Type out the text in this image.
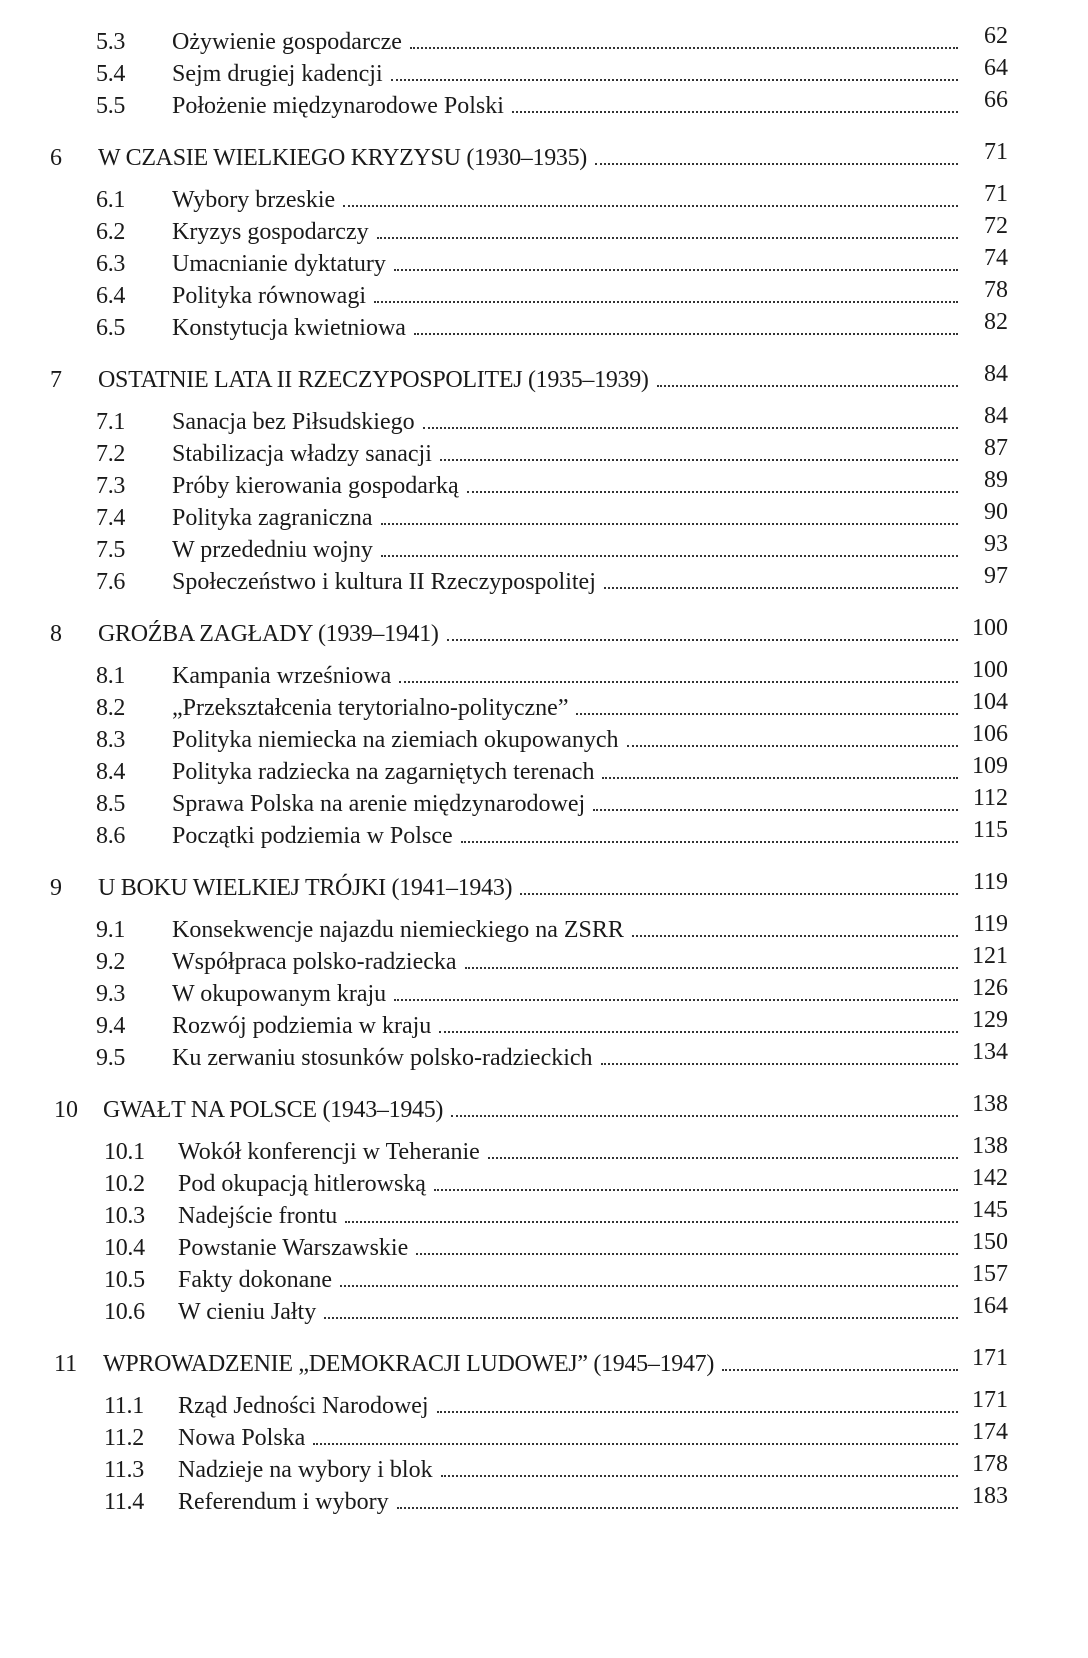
5.3 Ożywienie gospodarcze	62
5.4 Sejm drugiej kadencji	64
5.5 Położenie międzynarodowe Polski	66
6 W CZASIE WIELKIEGO KRYZYSU (1930–1935)	71
6.1 Wybory brzeskie	71
6.2 Kryzys gospodarczy	72
6.3 Umacnianie dyktatury	74
6.4 Polityka równowagi	78
6.5 Konstytucja kwietniowa	82
7 OSTATNIE LATA II RZECZYPOSPOLITEJ (1935–1939)	84
7.1 Sanacja bez Piłsudskiego	84
7.2 Stabilizacja władzy sanacji	87
7.3 Próby kierowania gospodarką	89
7.4 Polityka zagraniczna	90
7.5 W przededniu wojny	93
7.6 Społeczeństwo i kultura II Rzeczypospolitej	97
8 GROŹBA ZAGŁADY (1939–1941)	100
8.1 Kampania wrześniowa	100
8.2 „Przekształcenia terytorialno-polityczne”	104
8.3 Polityka niemiecka na ziemiach okupowanych	106
8.4 Polityka radziecka na zagarniętych terenach	109
8.5 Sprawa Polska na arenie międzynarodowej	112
8.6 Początki podziemia w Polsce	115
9 U BOKU WIELKIEJ TRÓJKI (1941–1943)	119
9.1 Konsekwencje najazdu niemieckiego na ZSRR	119
9.2 Współpraca polsko-radziecka	121
9.3 W okupowanym kraju	126
9.4 Rozwój podziemia w kraju	129
9.5 Ku zerwaniu stosunków polsko-radzieckich	134
10 GWAŁT NA POLSCE (1943–1945)	138
10.1 Wokół konferencji w Teheranie	138
10.2 Pod okupacją hitlerowską	142
10.3 Nadejście frontu	145
10.4 Powstanie Warszawskie	150
10.5 Fakty dokonane	157
10.6 W cieniu Jałty	164
11 WPROWADZENIE „DEMOKRACJI LUDOWEJ” (1945–1947)	171
11.1 Rząd Jedności Narodowej	171
11.2 Nowa Polska	174
11.3 Nadzieje na wybory i blok	178
11.4 Referendum i wybory	183
